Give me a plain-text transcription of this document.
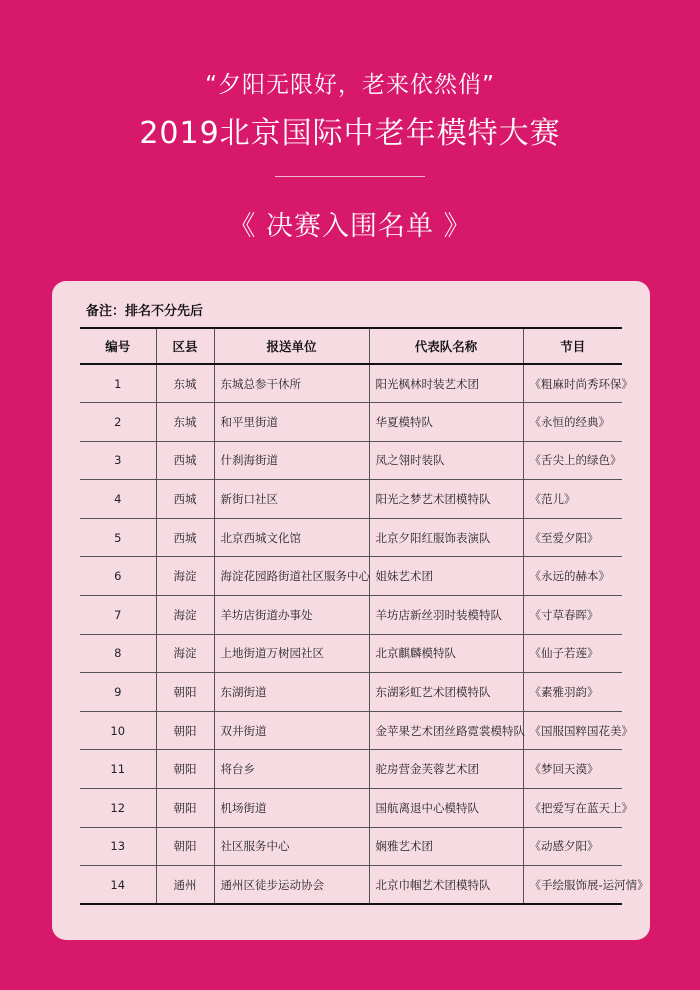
“夕阳无限好，老来依然俏”
2019北京国际中老年模特大赛
《 决赛入围名单 》
备注：排名不分先后
编号	区县	报送单位	代表队名称	节目
1	东城	东城总参干休所	阳光枫林时装艺术团	《粗麻时尚秀环保》
2	东城	和平里街道	华夏模特队	《永恒的经典》
3	西城	什刹海街道	凤之翎时装队	《舌尖上的绿色》
4	西城	新街口社区	阳光之梦艺术团模特队	《范儿》
5	西城	北京西城文化馆	北京夕阳红服饰表演队	《至爱夕阳》
6	海淀	海淀花园路街道社区服务中心	姐妹艺术团	《永远的赫本》
7	海淀	羊坊店街道办事处	羊坊店新丝羽时装模特队	《寸草春晖》
8	海淀	上地街道万树园社区	北京麒麟模特队	《仙子若莲》
9	朝阳	东湖街道	东湖彩虹艺术团模特队	《素雅羽韵》
10	朝阳	双井街道	金苹果艺术团丝路霓裳模特队	《国服国粹国花美》
11	朝阳	将台乡	驼房营金芙蓉艺术团	《梦回天漠》
12	朝阳	机场街道	国航离退中心模特队	《把爱写在蓝天上》
13	朝阳	社区服务中心	娴雅艺术团	《动感夕阳》
14	通州	通州区徒步运动协会	北京巾帼艺术团模特队	《手绘服饰展-运河情》
